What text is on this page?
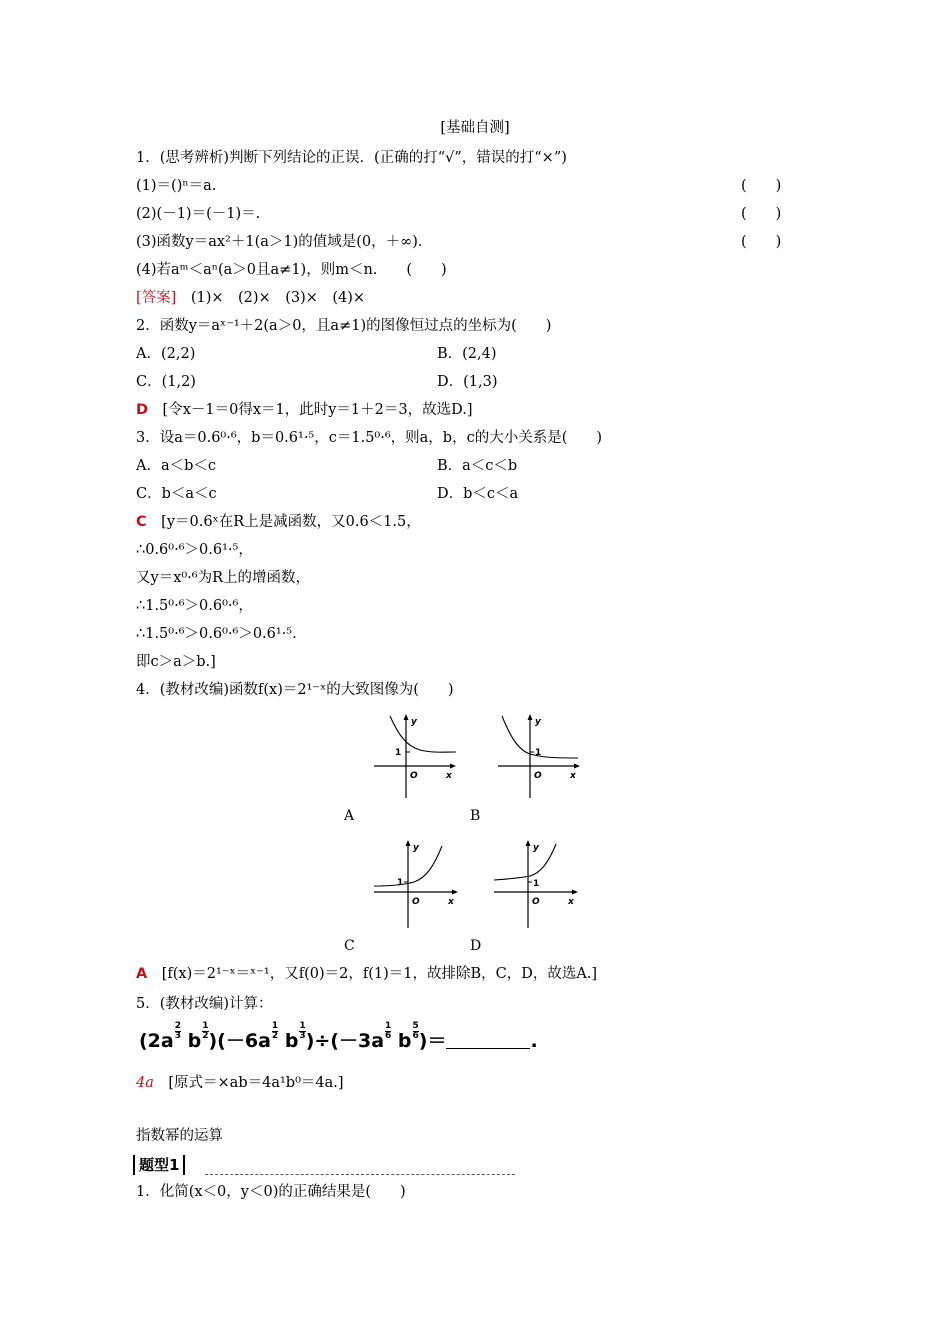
[基础自测]
1．(思考辨析)判断下列结论的正误．(正确的打“√”，错误的打“×”)
(1)＝()ⁿ＝a.	(　　)
(2)(－1)＝(－1)＝.	(　　)
(3)函数y＝ax²＋1(a＞1)的值域是(0，＋∞)．	(　　)
(4)若aᵐ＜aⁿ(a＞0且a≠1)，则m＜n.　　(　　)
[答案]　(1)×　(2)×　(3)×　(4)×
2．函数y＝aˣ⁻¹＋2(a＞0，且a≠1)的图像恒过点的坐标为(　　)
A．(2,2)	B．(2,4)
C．(1,2)	D．(1,3)
D　[令x－1＝0得x＝1，此时y＝1＋2＝3，故选D.]
3．设a＝0.6⁰·⁶，b＝0.6¹·⁵，c＝1.5⁰·⁶，则a，b，c的大小关系是(　　)
A．a＜b＜c	B．a＜c＜b
C．b＜a＜c	D．b＜c＜a
C　[y＝0.6ˣ在R上是减函数，又0.6＜1.5，
∴0.6⁰·⁶＞0.6¹·⁵，
又y＝x⁰·⁶为R上的增函数，
∴1.5⁰·⁶＞0.6⁰·⁶，
∴1.5⁰·⁶＞0.6⁰·⁶＞0.6¹·⁵.
即c＞a＞b.]
4．(教材改编)函数f(x)＝2¹⁻ˣ的大致图像为(　　)
y
1
O	x
A
y
1
O	x
B
y
1
O	x
C
y
1
O	x
D
A　[f(x)＝2¹⁻ˣ＝ˣ⁻¹，又f(0)＝2，f(1)＝1，故排除B，C，D，故选A.]
5．(教材改编)计算：
($2a \frac{2}{3}$ b $\frac{1}{2} )(-6a \frac{1}{2}$ b $\frac{1}{3} )\div(-3a \frac{1}{6}$ b $\frac{5}{6}$ )＝	.
4a　[原式＝×ab＝4a¹b⁰＝4a.]
指数幂的运算
题型1
1．化简(x＜0，y＜0)的正确结果是(　　)
